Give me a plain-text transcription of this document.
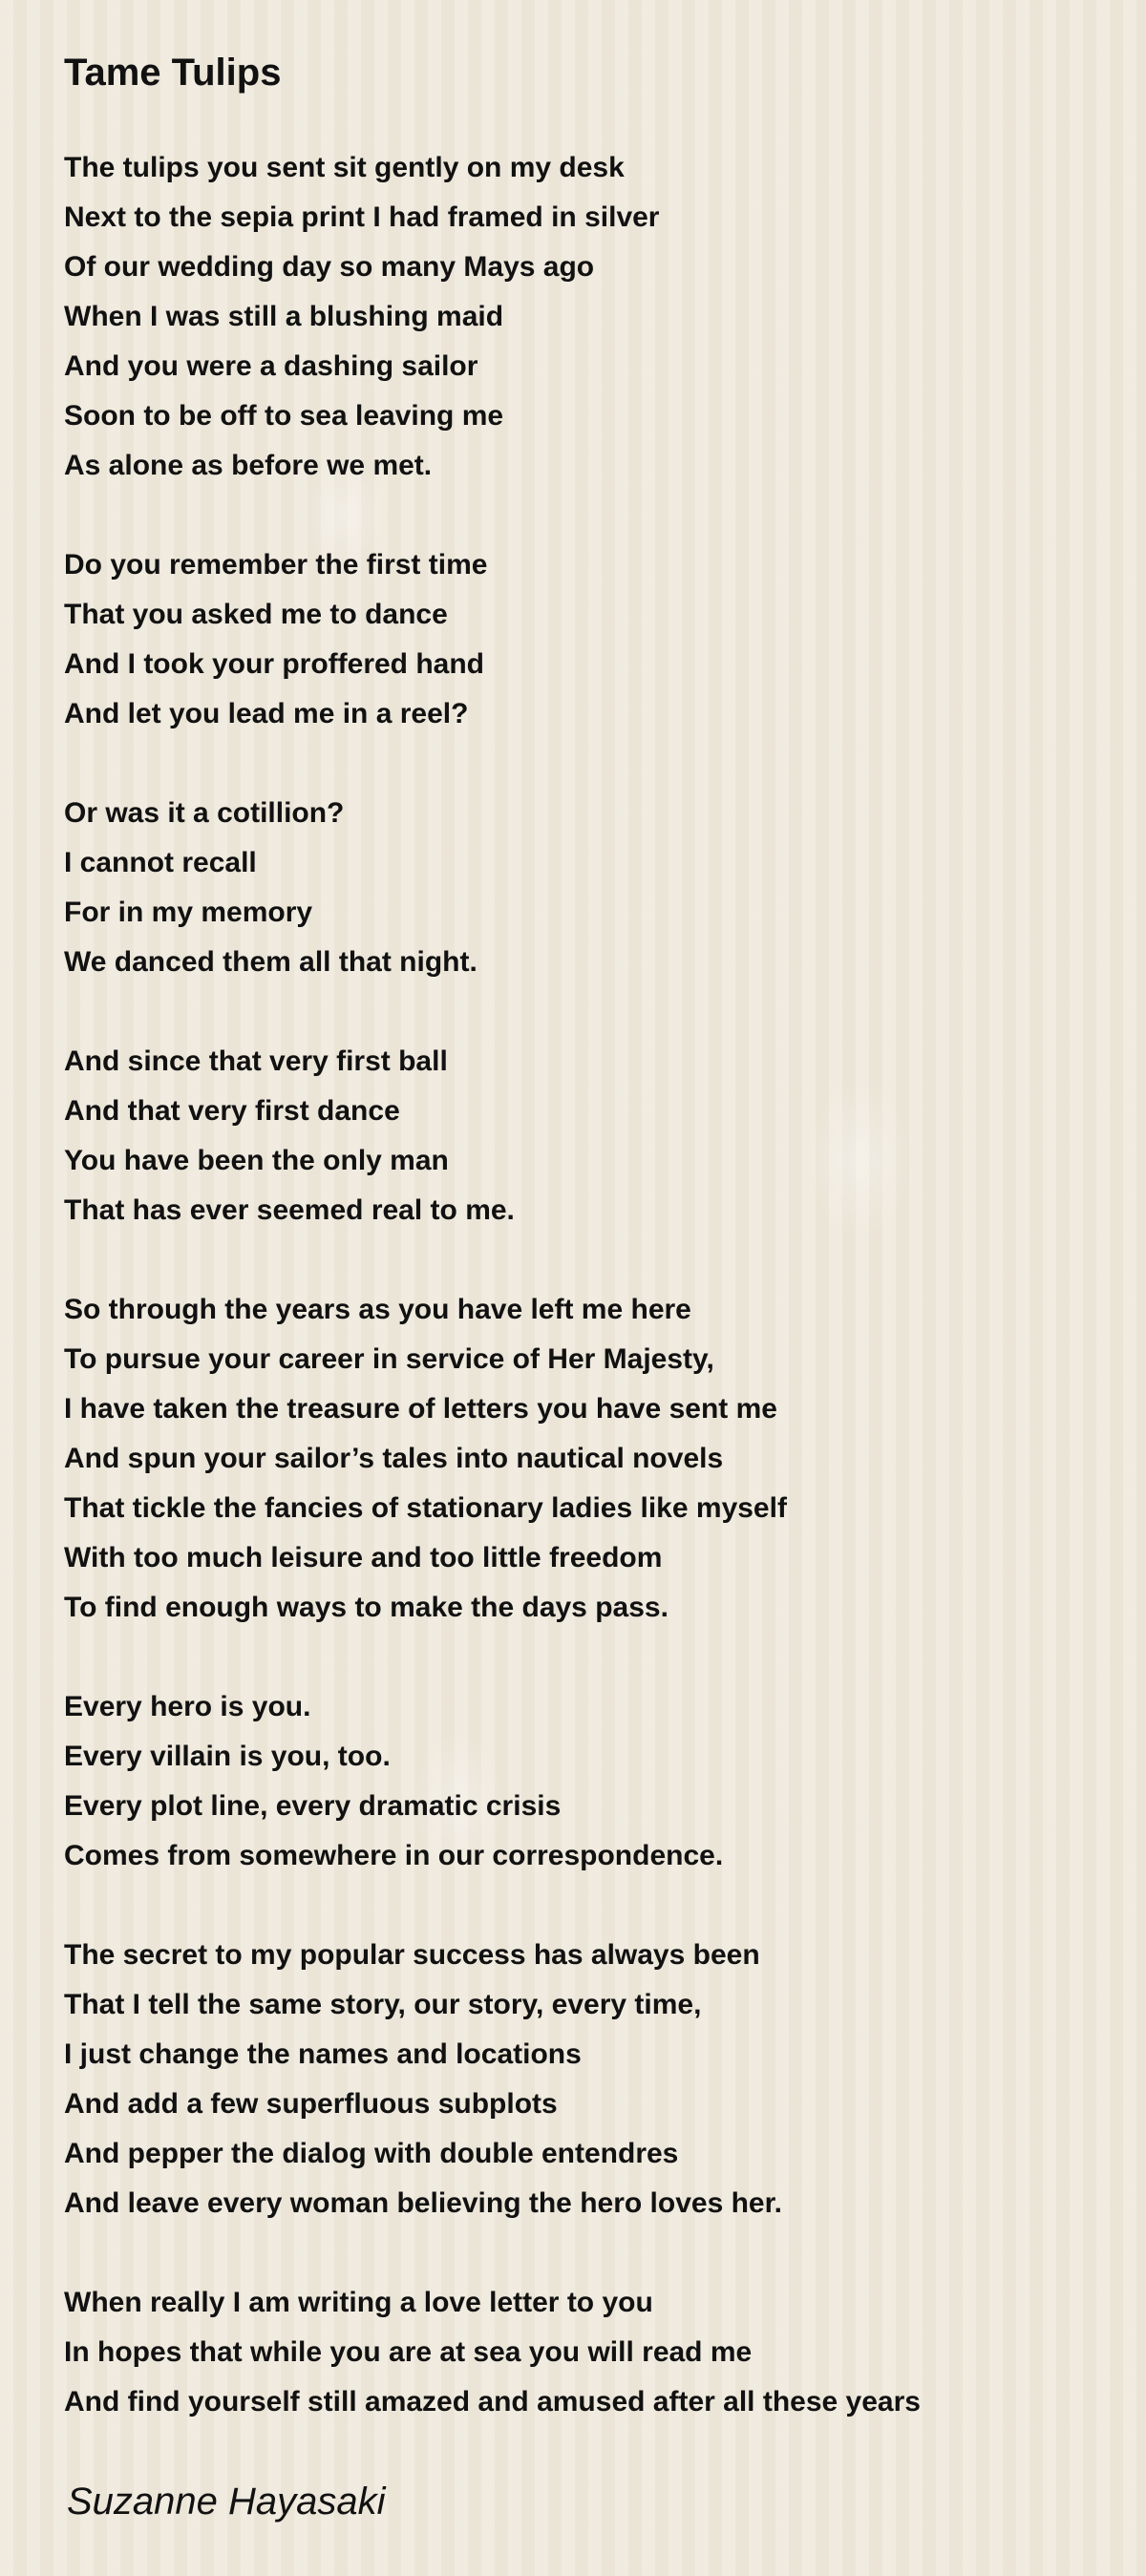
Tame Tulips
The tulips you sent sit gently on my desk
Next to the sepia print I had framed in silver
Of our wedding day so many Mays ago
When I was still a blushing maid
And you were a dashing sailor
Soon to be off to sea leaving me
As alone as before we met.
Do you remember the first time
That you asked me to dance
And I took your proffered hand
And let you lead me in a reel?
Or was it a cotillion?
I cannot recall
For in my memory
We danced them all that night.
And since that very first ball
And that very first dance
You have been the only man
That has ever seemed real to me.
So through the years as you have left me here
To pursue your career in service of Her Majesty,
I have taken the treasure of letters you have sent me
And spun your sailor’s tales into nautical novels
That tickle the fancies of stationary ladies like myself
With too much leisure and too little freedom
To find enough ways to make the days pass.
Every hero is you.
Every villain is you, too.
Every plot line, every dramatic crisis
Comes from somewhere in our correspondence.
The secret to my popular success has always been
That I tell the same story, our story, every time,
I just change the names and locations
And add a few superfluous subplots
And pepper the dialog with double entendres
And leave every woman believing the hero loves her.
When really I am writing a love letter to you
In hopes that while you are at sea you will read me
And find yourself still amazed and amused after all these years
Suzanne Hayasaki
